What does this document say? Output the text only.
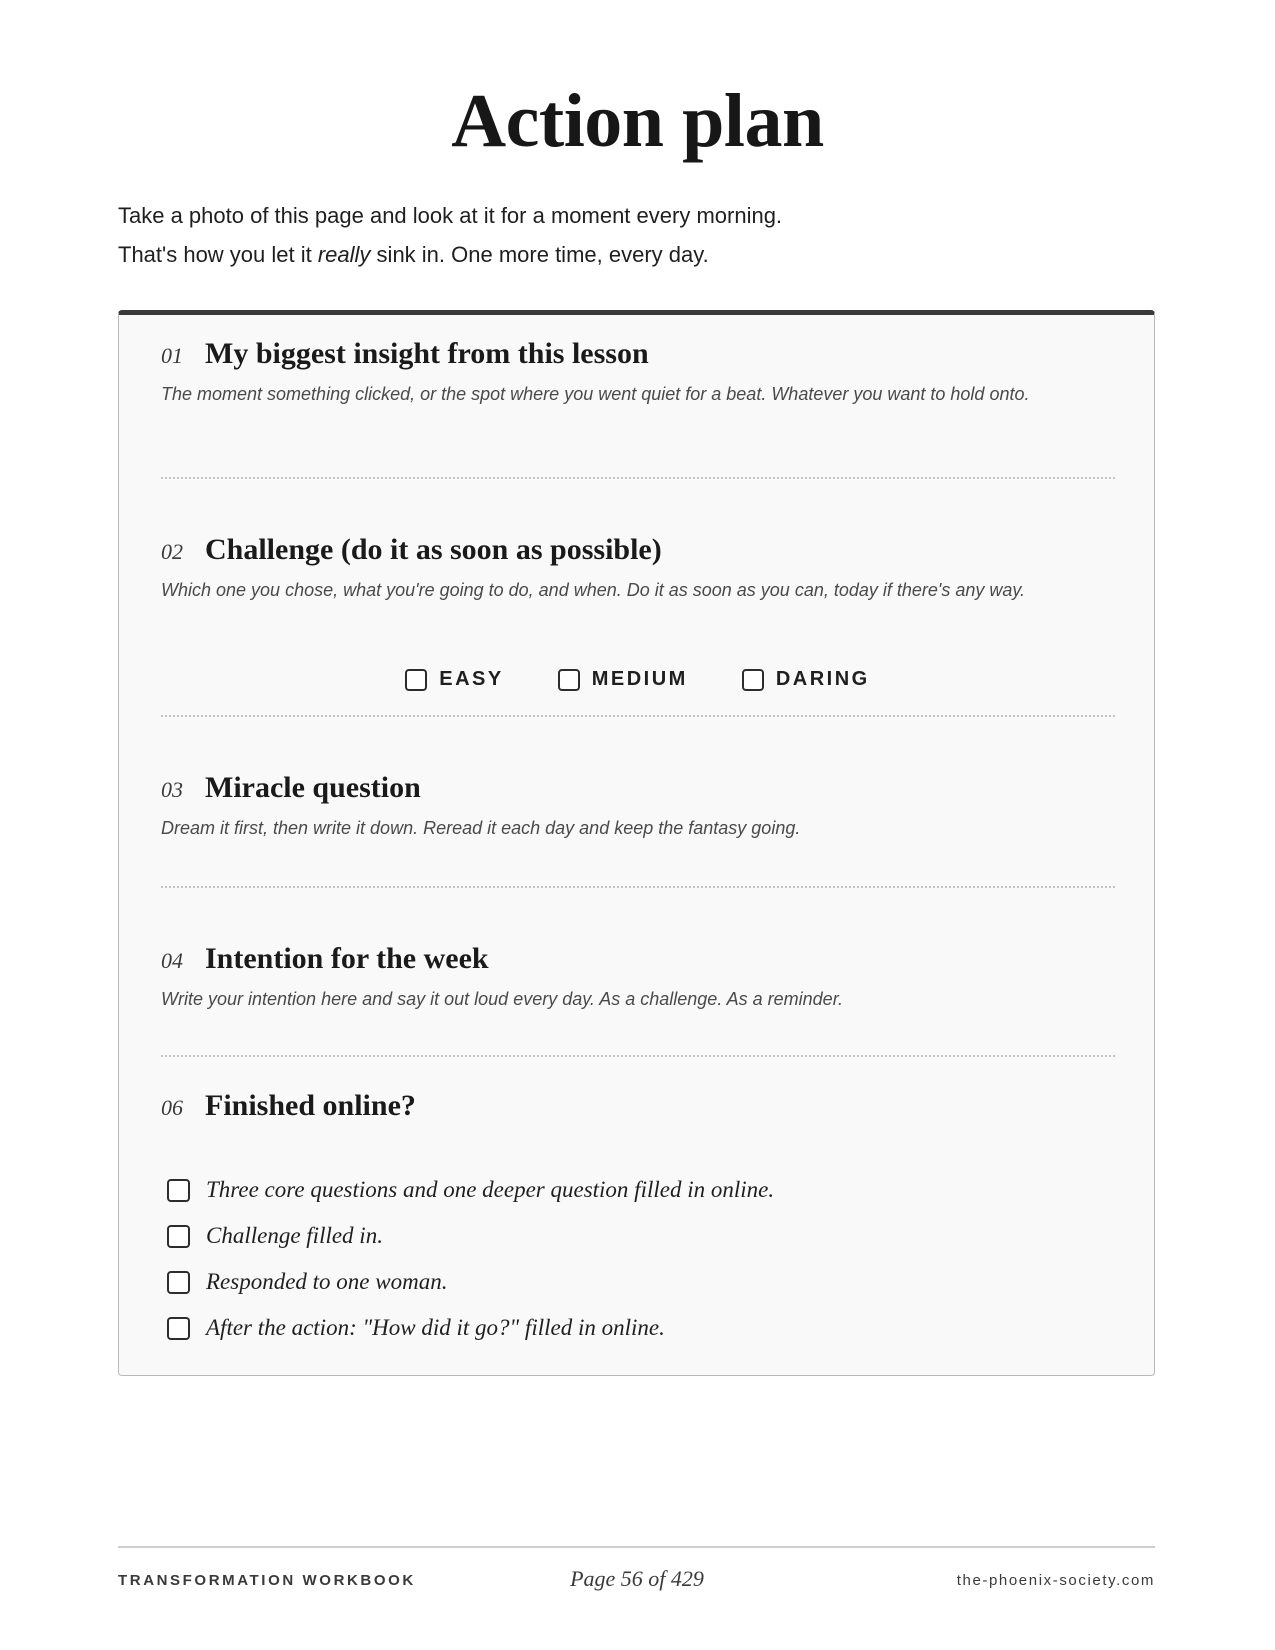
Action plan

Take a photo of this page and look at it for a moment every morning.

That's how you let it really sink in. One more time, every day.

01 My biggest insight from this lesson
The moment something clicked, or the spot where you went quiet for a beat. Whatever you want to hold onto.
02 Challenge (do it as soon as possible)
Which one you chose, what you're going to do, and when. Do it as soon as you can, today if there's any way.
EASY	MEDIUM	DARING
03 Miracle question
Dream it first, then write it down. Reread it each day and keep the fantasy going.
04 Intention for the week
Write your intention here and say it out loud every day. As a challenge. As a reminder.
06 Finished online?
Three core questions and one deeper question filled in online.
Challenge filled in.
Responded to one woman.
After the action: "How did it go?" filled in online.
TRANSFORMATION WORKBOOK	Page 56 of 429	the-phoenix-society.com
